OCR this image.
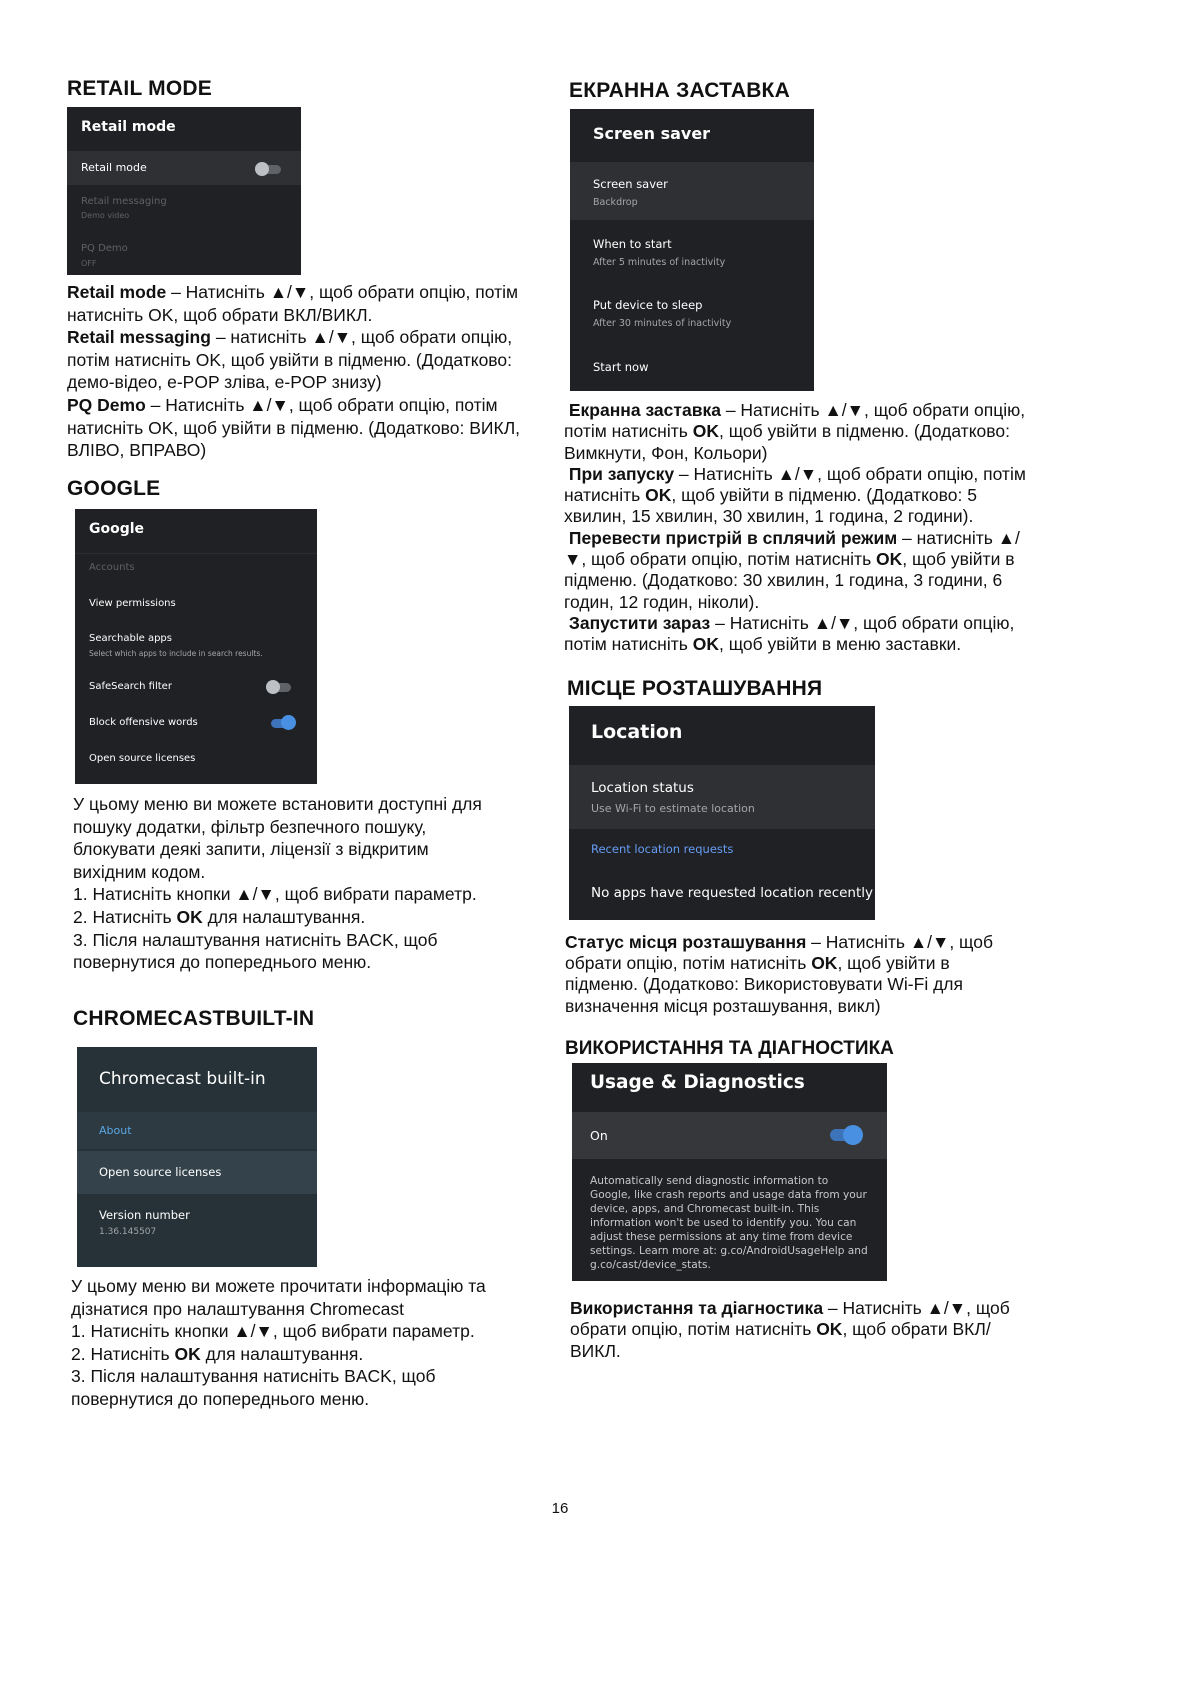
RETAIL MODE
Retail mode
Retail mode
Retail messaging
Demo video
PQ Demo
OFF

Retail mode – Натисніть ▲/▼, щоб обрати опцію, потім натисніть OK, щоб обрати ВКЛ/ВИКЛ.

Retail messaging – натисніть ▲/▼, щоб обрати опцію, потім натисніть OK, щоб увійти в підменю. (Додатково: демо-відео, e-POP зліва, e-POP знизу)

PQ Demo – Натисніть ▲/▼, щоб обрати опцію, потім натисніть OK, щоб увійти в підменю. (Додатково: ВИКЛ, ВЛІВО, ВПРАВО)

GOOGLE
Google
Accounts
View permissions
Searchable apps
Select which apps to include in search results.
SafeSearch filter
Block offensive words
Open source licenses

У цьому меню ви можете встановити доступні для пошуку додатки, фільтр безпечного пошуку, блокувати деякі запити, ліцензії з відкритим вихідним кодом.

1. Натисніть кнопки ▲/▼, щоб вибрати параметр.

2. Натисніть OK для налаштування.

3. Після налаштування натисніть BACK, щоб повернутися до попереднього меню.

CHROMECASTBUILT-IN
Chromecast built-in
About
Open source licenses
Version number
1.36.145507

У цьому меню ви можете прочитати інформацію та дізнатися про налаштування Chromecast

1. Натисніть кнопки ▲/▼, щоб вибрати параметр.

2. Натисніть OK для налаштування.

3. Після налаштування натисніть BACK, щоб повернутися до попереднього меню.

ЕКРАННА ЗАСТАВКА
Screen saver
Screen saver
Backdrop
When to start
After 5 minutes of inactivity
Put device to sleep
After 30 minutes of inactivity
Start now

Екранна заставка – Натисніть ▲/▼, щоб обрати опцію, потім натисніть OK, щоб увійти в підменю. (Додатково: Вимкнути, Фон, Кольори)

При запуску – Натисніть ▲/▼, щоб обрати опцію, потім натисніть OK, щоб увійти в підменю. (Додатково: 5 хвилин, 15 хвилин, 30 хвилин, 1 година, 2 години).

Перевести пристрій в сплячий режим – натисніть ▲/▼, щоб обрати опцію, потім натисніть OK, щоб увійти в підменю. (Додатково: 30 хвилин, 1 година, 3 години, 6 годин, 12 годин, ніколи).

Запустити зараз – Натисніть ▲/▼, щоб обрати опцію, потім натисніть OK, щоб увійти в меню заставки.

МІСЦЕ РОЗТАШУВАННЯ
Location
Location status
Use Wi-Fi to estimate location
Recent location requests
No apps have requested location recently

Статус місця розташування – Натисніть ▲/▼, щоб обрати опцію, потім натисніть OK, щоб увійти в підменю. (Додатково: Використовувати Wi-Fi для визначення місця розташування, викл)

ВИКОРИСТАННЯ ТА ДІАГНОСТИКА
Usage & Diagnostics
On
Automatically send diagnostic information to Google, like crash reports and usage data from your device, apps, and Chromecast built-in. This information won't be used to identify you. You can adjust these permissions at any time from device settings. Learn more at: g.co/AndroidUsageHelp and g.co/cast/device_stats.

Використання та діагностика – Натисніть ▲/▼, щоб обрати опцію, потім натисніть OK, щоб обрати ВКЛ/ВИКЛ.

16
